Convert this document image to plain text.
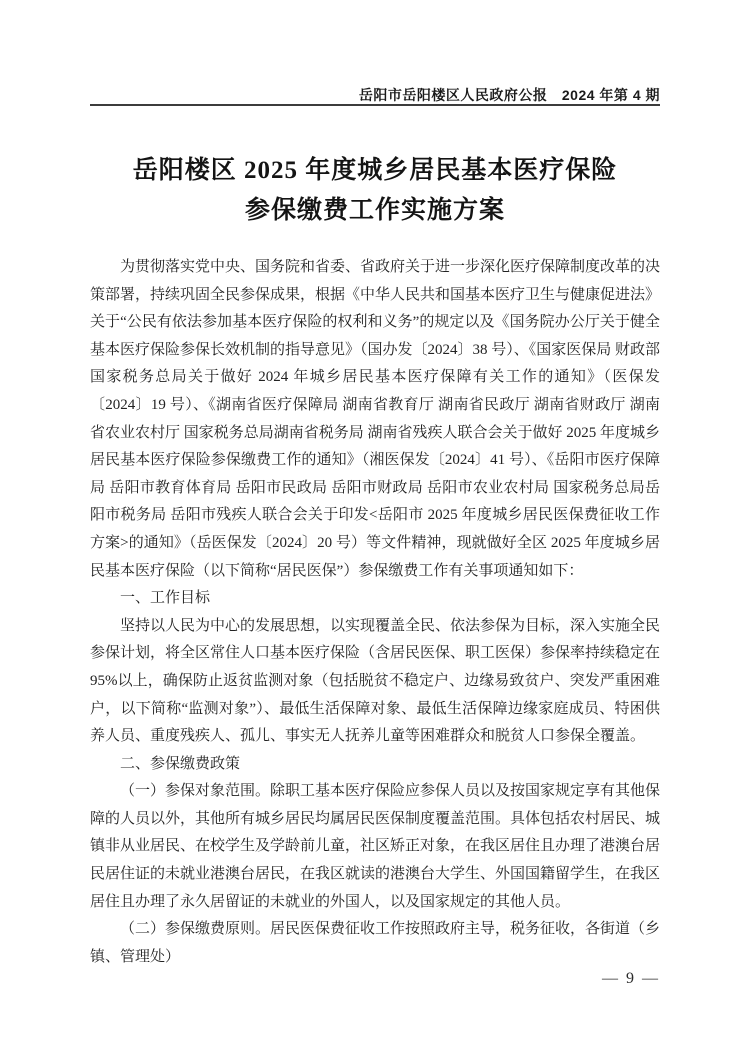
岳阳市岳阳楼区人民政府公报　2024 年第 4 期
岳阳楼区 2025 年度城乡居民基本医疗保险
参保缴费工作实施方案

为贯彻落实党中央、国务院和省委、省政府关于进一步深化医疗保障制度改革的决策部署，持续巩固全民参保成果，根据《中华人民共和国基本医疗卫生与健康促进法》关于“公民有依法参加基本医疗保险的权利和义务”的规定以及《国务院办公厅关于健全基本医疗保险参保长效机制的指导意见》（国办发〔2024〕38 号）、《国家医保局 财政部 国家税务总局关于做好 2024 年城乡居民基本医疗保障有关工作的通知》（医保发〔2024〕19 号）、《湖南省医疗保障局 湖南省教育厅 湖南省民政厅 湖南省财政厅 湖南省农业农村厅 国家税务总局湖南省税务局 湖南省残疾人联合会关于做好 2025 年度城乡居民基本医疗保险参保缴费工作的通知》（湘医保发〔2024〕41 号）、《岳阳市医疗保障局 岳阳市教育体育局 岳阳市民政局 岳阳市财政局 岳阳市农业农村局 国家税务总局岳阳市税务局 岳阳市残疾人联合会关于印发<岳阳市 2025 年度城乡居民医保费征收工作方案>的通知》（岳医保发〔2024〕20 号）等文件精神，现就做好全区 2025 年度城乡居民基本医疗保险（以下简称“居民医保”）参保缴费工作有关事项通知如下：

一、工作目标

坚持以人民为中心的发展思想，以实现覆盖全民、依法参保为目标，深入实施全民参保计划，将全区常住人口基本医疗保险（含居民医保、职工医保）参保率持续稳定在 95%以上，确保防止返贫监测对象（包括脱贫不稳定户、边缘易致贫户、突发严重困难户，以下简称“监测对象”）、最低生活保障对象、最低生活保障边缘家庭成员、特困供养人员、重度残疾人、孤儿、事实无人抚养儿童等困难群众和脱贫人口参保全覆盖。

二、参保缴费政策

（一）参保对象范围。除职工基本医疗保险应参保人员以及按国家规定享有其他保障的人员以外，其他所有城乡居民均属居民医保制度覆盖范围。具体包括农村居民、城镇非从业居民、在校学生及学龄前儿童，社区矫正对象，在我区居住且办理了港澳台居民居住证的未就业港澳台居民，在我区就读的港澳台大学生、外国国籍留学生，在我区居住且办理了永久居留证的未就业的外国人，以及国家规定的其他人员。

（二）参保缴费原则。居民医保费征收工作按照政府主导，税务征收，各街道（乡镇、管理处）

— 9 —
